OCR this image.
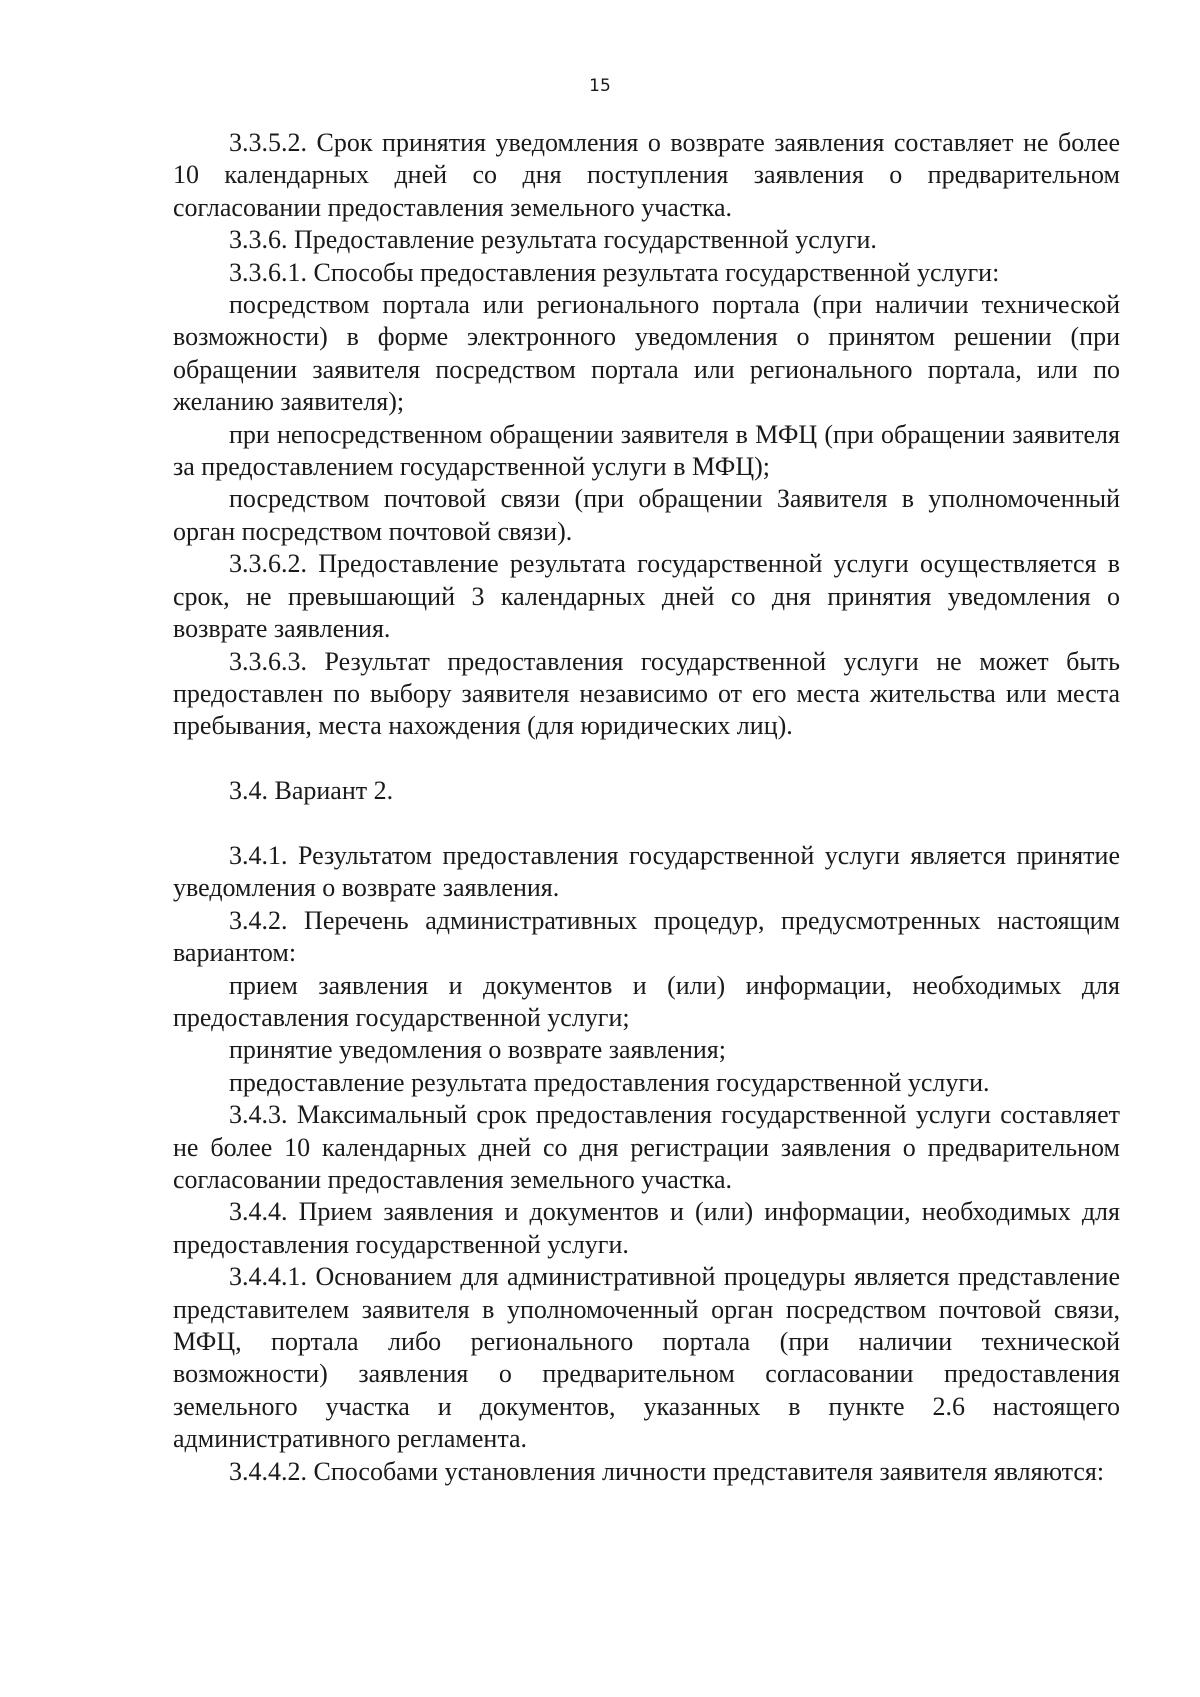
15

3.3.5.2. Срок принятия уведомления о возврате заявления составляет не более 10 календарных дней со дня поступления заявления о предварительном согласовании предоставления земельного участка.

3.3.6. Предоставление результата государственной услуги.

3.3.6.1. Способы предоставления результата государственной услуги:

посредством портала или регионального портала (при наличии технической возможности) в форме электронного уведомления о принятом решении (при обращении заявителя посредством портала или регионального портала, или по желанию заявителя);

при непосредственном обращении заявителя в МФЦ (при обращении заявителя за предоставлением государственной услуги в МФЦ);

посредством почтовой связи (при обращении Заявителя в уполномоченный орган посредством почтовой связи).

3.3.6.2. Предоставление результата государственной услуги осуществляется в срок, не превышающий 3 календарных дней со дня принятия уведомления о возврате заявления.

3.3.6.3. Результат предоставления государственной услуги не может быть предоставлен по выбору заявителя независимо от его места жительства или места пребывания, места нахождения (для юридических лиц).

3.4. Вариант 2.

3.4.1. Результатом предоставления государственной услуги является принятие уведомления о возврате заявления.

3.4.2. Перечень административных процедур, предусмотренных настоящим вариантом:

прием заявления и документов и (или) информации, необходимых для предоставления государственной услуги;

принятие уведомления о возврате заявления;

предоставление результата предоставления государственной услуги.

3.4.3. Максимальный срок предоставления государственной услуги составляет не более 10 календарных дней со дня регистрации заявления о предварительном согласовании предоставления земельного участка.

3.4.4. Прием заявления и документов и (или) информации, необходимых для предоставления государственной услуги.

3.4.4.1. Основанием для административной процедуры является представление представителем заявителя в уполномоченный орган посредством почтовой связи, МФЦ, портала либо регионального портала (при наличии технической возможности) заявления о предварительном согласовании предоставления земельного участка и документов, указанных в пункте 2.6 настоящего административного регламента.

3.4.4.2. Способами установления личности представителя заявителя являются:
